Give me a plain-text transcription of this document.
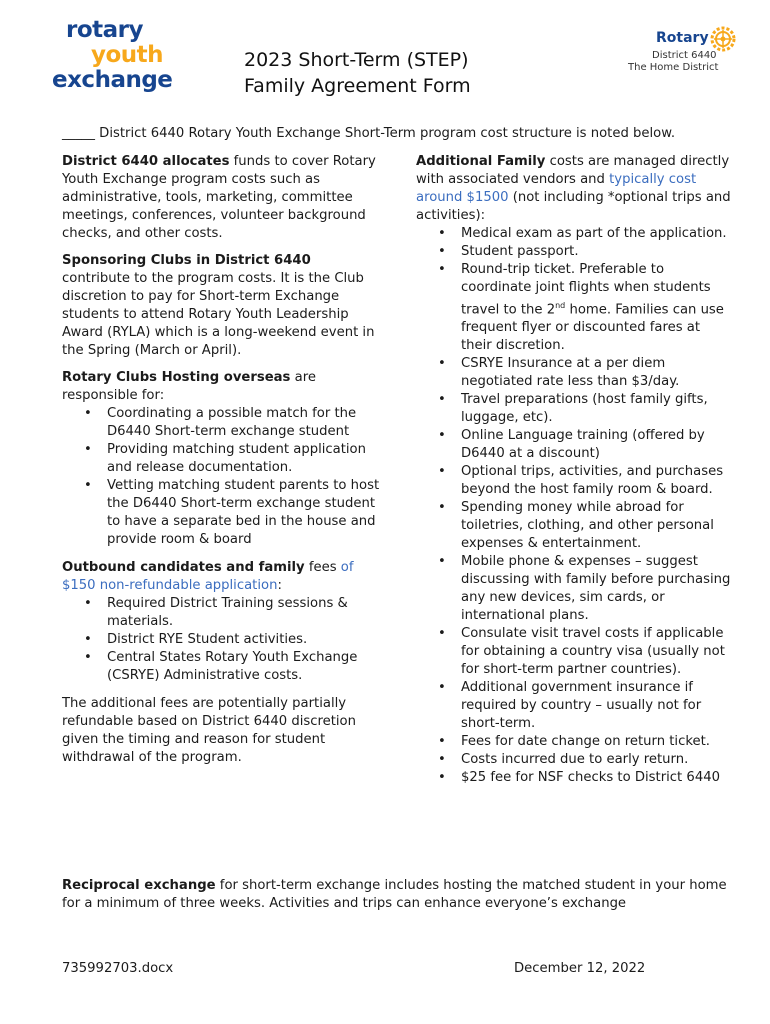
rotary
youth
exchange
2023 Short-Term (STEP)
Family Agreement Form
Rotary
District 6440
The Home District
_____ District 6440 Rotary Youth Exchange Short-Term program cost structure is noted below.

District 6440 allocates funds to cover Rotary Youth Exchange program costs such as administrative, tools, marketing, committee meetings, conferences, volunteer background checks, and other costs.

Sponsoring Clubs in District 6440 contribute to the program costs. It is the Club discretion to pay for Short-term Exchange students to attend Rotary Youth Leadership Award (RYLA) which is a long-weekend event in the Spring (March or April).

Rotary Clubs Hosting overseas are responsible for:

• Coordinating a possible match for the D6440 Short-term exchange student
• Providing matching student application and release documentation.
• Vetting matching student parents to host the D6440 Short-term exchange student to have a separate bed in the house and provide room & board

Outbound candidates and family fees of $150 non-refundable application:

• Required District Training sessions & materials.
• District RYE Student activities.
• Central States Rotary Youth Exchange (CSRYE) Administrative costs.

The additional fees are potentially partially refundable based on District 6440 discretion given the timing and reason for student withdrawal of the program.

Additional Family costs are managed directly with associated vendors and typically cost around $1500 (not including *optional trips and activities):

• Medical exam as part of the application.
• Student passport.
• Round-trip ticket. Preferable to coordinate joint flights when students travel to the 2nd home. Families can use frequent flyer or discounted fares at their discretion.
• CSRYE Insurance at a per diem negotiated rate less than $3/day.
• Travel preparations (host family gifts, luggage, etc).
• Online Language training (offered by D6440 at a discount)
• Optional trips, activities, and purchases beyond the host family room & board.
• Spending money while abroad for toiletries, clothing, and other personal expenses & entertainment.
• Mobile phone & expenses – suggest discussing with family before purchasing any new devices, sim cards, or international plans.
• Consulate visit travel costs if applicable for obtaining a country visa (usually not for short-term partner countries).
• Additional government insurance if required by country – usually not for short-term.
• Fees for date change on return ticket.
• Costs incurred due to early return.
• $25 fee for NSF checks to District 6440
Reciprocal exchange for short-term exchange includes hosting the matched student in your home for a minimum of three weeks. Activities and trips can enhance everyone’s exchange
735992703.docx	December 12, 2022
